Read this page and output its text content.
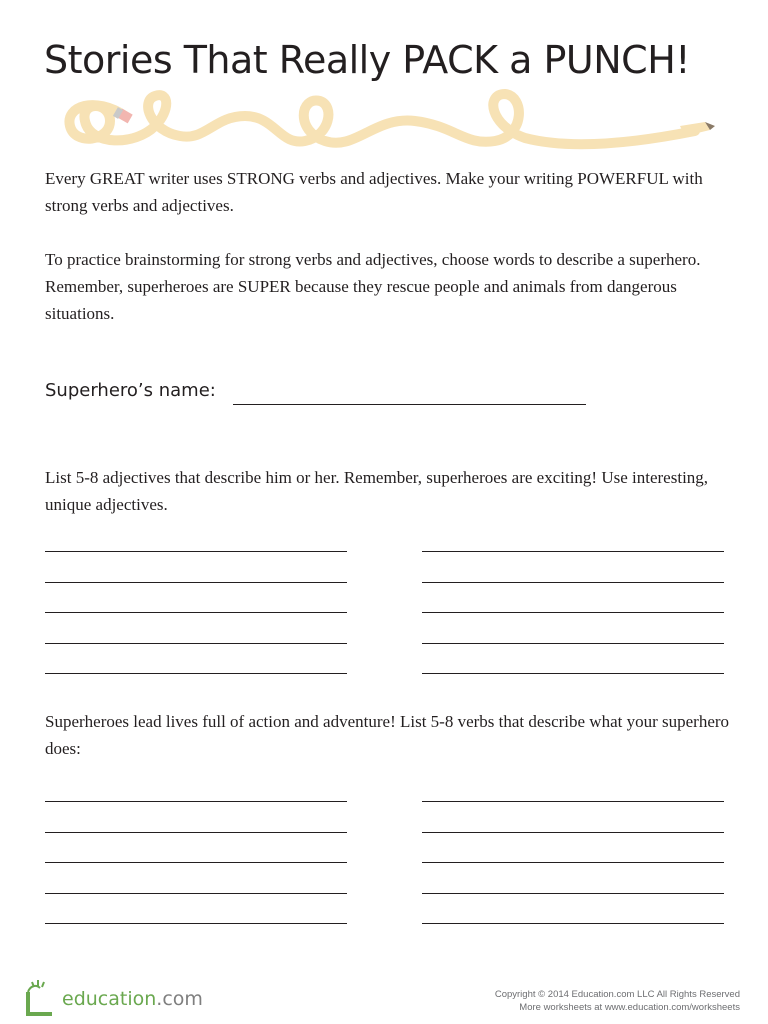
Stories That Really PACK a PUNCH!
Every GREAT writer uses STRONG verbs and adjectives. Make your writing POWERFUL with strong verbs and adjectives.
To practice brainstorming for strong verbs and adjectives, choose words to describe a superhero. Remember, superheroes are SUPER because they rescue people and animals from dangerous situations.
Superhero’s name:
List 5-8 adjectives that describe him or her. Remember, superheroes are exciting! Use interesting, unique adjectives.
Superheroes lead lives full of action and adventure! List 5-8 verbs that describe what your superhero does:
education.com	Copyright © 2014 Education.com LLC All Rights Reserved
More worksheets at www.education.com/worksheets
